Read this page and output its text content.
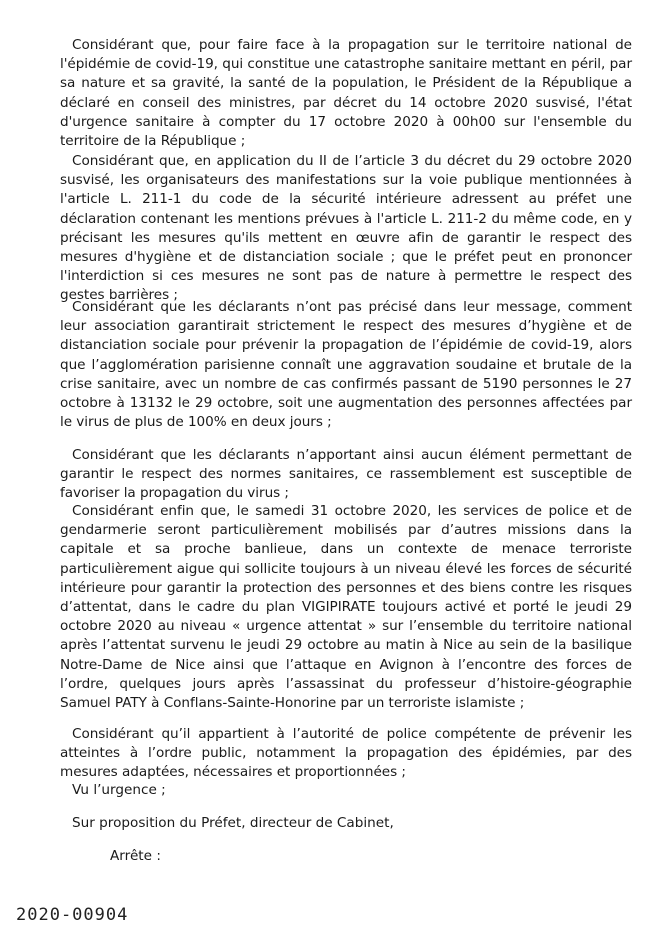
Considérant que, pour faire face à la propagation sur le territoire national de l'épidémie de covid-19, qui constitue une catastrophe sanitaire mettant en péril, par sa nature et sa gravité, la santé de la population, le Président de la République a déclaré en conseil des ministres, par décret du 14 octobre 2020 susvisé, l'état d'urgence sanitaire à compter du 17 octobre 2020 à 00h00 sur l'ensemble du territoire de la République ;

Considérant que, en application du II de l’article 3 du décret du 29 octobre 2020 susvisé, les organisateurs des manifestations sur la voie publique mentionnées à l'article L. 211-1 du code de la sécurité intérieure adressent au préfet une déclaration contenant les mentions prévues à l'article L. 211-2 du même code, en y précisant les mesures qu'ils mettent en œuvre afin de garantir le respect des mesures d'hygiène et de distanciation sociale ; que le préfet peut en prononcer l'interdiction si ces mesures ne sont pas de nature à permettre le respect des gestes barrières ;

Considérant que les déclarants n’ont pas précisé dans leur message, comment leur association garantirait strictement le respect des mesures d’hygiène et de distanciation sociale pour prévenir la propagation de l’épidémie de covid-19, alors que l’agglomération parisienne connaît une aggravation soudaine et brutale de la crise sanitaire, avec un nombre de cas confirmés passant de 5190 personnes le 27 octobre à 13132 le 29 octobre, soit une augmentation des personnes affectées par le virus de plus de 100% en deux jours ;

Considérant que les déclarants n’apportant ainsi aucun élément permettant de garantir le respect des normes sanitaires, ce rassemblement est susceptible de favoriser la propagation du virus ;

Considérant enfin que, le samedi 31 octobre 2020, les services de police et de gendarmerie seront particulièrement mobilisés par d’autres missions dans la capitale et sa proche banlieue, dans un contexte de menace terroriste particulièrement aigue qui sollicite toujours à un niveau élevé les forces de sécurité intérieure pour garantir la protection des personnes et des biens contre les risques d’attentat, dans le cadre du plan VIGIPIRATE toujours activé et porté le jeudi 29 octobre 2020 au niveau « urgence attentat » sur l’ensemble du territoire national après l’attentat survenu le jeudi 29 octobre au matin à Nice au sein de la basilique Notre-Dame de Nice ainsi que l’attaque en Avignon à l’encontre des forces de l’ordre, quelques jours après l’assassinat du professeur d’histoire-géographie Samuel PATY à Conflans-Sainte-Honorine par un terroriste islamiste ;

Considérant qu’il appartient à l’autorité de police compétente de prévenir les atteintes à l’ordre public, notamment la propagation des épidémies, par des mesures adaptées, nécessaires et proportionnées ;

Vu l’urgence ;

Sur proposition du Préfet, directeur de Cabinet,

Arrête :

2020-00904
